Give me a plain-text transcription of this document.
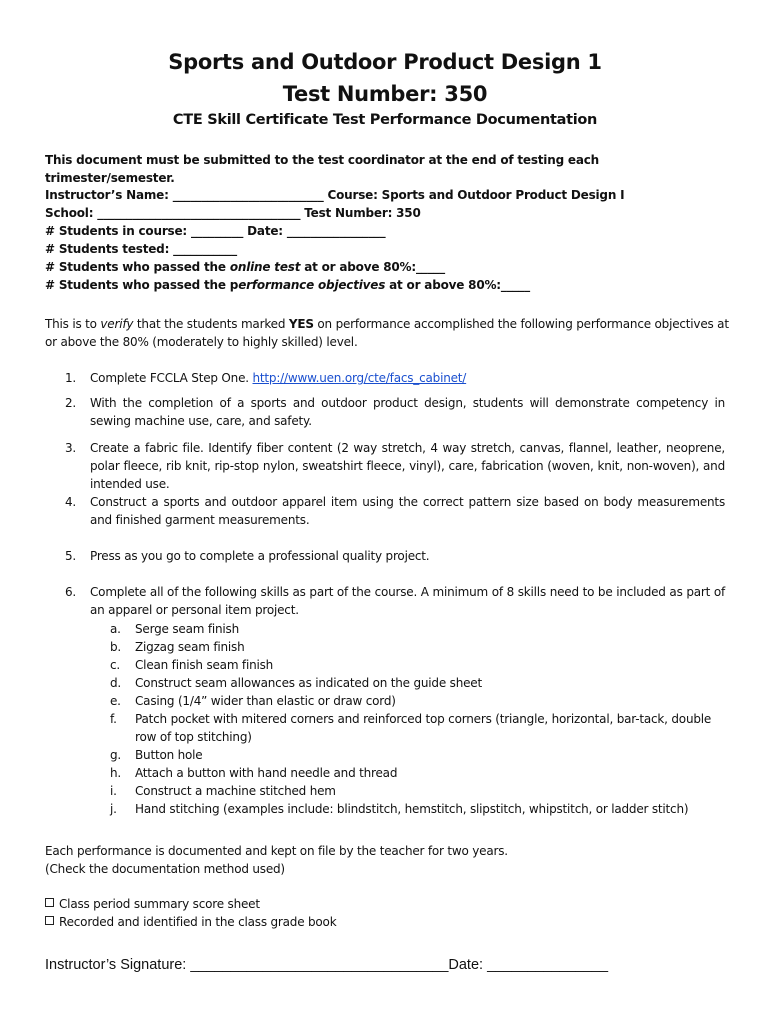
Sports and Outdoor Product Design 1
Test Number: 350
CTE Skill Certificate Test Performance Documentation
This document must be submitted to the test coordinator at the end of testing each trimester/semester.
Instructor’s Name: __________________________ Course: Sports and Outdoor Product Design I
School: ___________________________________ Test Number: 350
# Students in course: _________ Date: _________________
# Students tested: ___________
# Students who passed the online test at or above 80%:_____
# Students who passed the performance objectives at or above 80%:_____
This is to verify that the students marked YES on performance accomplished the following performance objectives at or above the 80% (moderately to highly skilled) level.
1.	Complete FCCLA Step One. http://www.uen.org/cte/facs_cabinet/
2.	With the completion of a sports and outdoor product design, students will demonstrate competency in sewing machine use, care, and safety.
3.	Create a fabric file. Identify fiber content (2 way stretch, 4 way stretch, canvas, flannel, leather, neoprene, polar fleece, rib knit, rip-stop nylon, sweatshirt fleece, vinyl), care, fabrication (woven, knit, non-woven), and intended use.
4.	Construct a sports and outdoor apparel item using the correct pattern size based on body measurements and finished garment measurements.
5.	Press as you go to complete a professional quality project.
6.	Complete all of the following skills as part of the course. A minimum of 8 skills need to be included as part of an apparel or personal item project.
a.	Serge seam finish
b.	Zigzag seam finish
c.	Clean finish seam finish
d.	Construct seam allowances as indicated on the guide sheet
e.	Casing (1/4” wider than elastic or draw cord)
f.	Patch pocket with mitered corners and reinforced top corners (triangle, horizontal, bar-tack, double row of top stitching)
g.	Button hole
h.	Attach a button with hand needle and thread
i.	Construct a machine stitched hem
j.	Hand stitching (examples include: blindstitch, hemstitch, slipstitch, whipstitch, or ladder stitch)
Each performance is documented and kept on file by the teacher for two years.
(Check the documentation method used)
Class period summary score sheet
Recorded and identified in the class grade book
Instructor’s Signature: ________________________________Date: _______________
